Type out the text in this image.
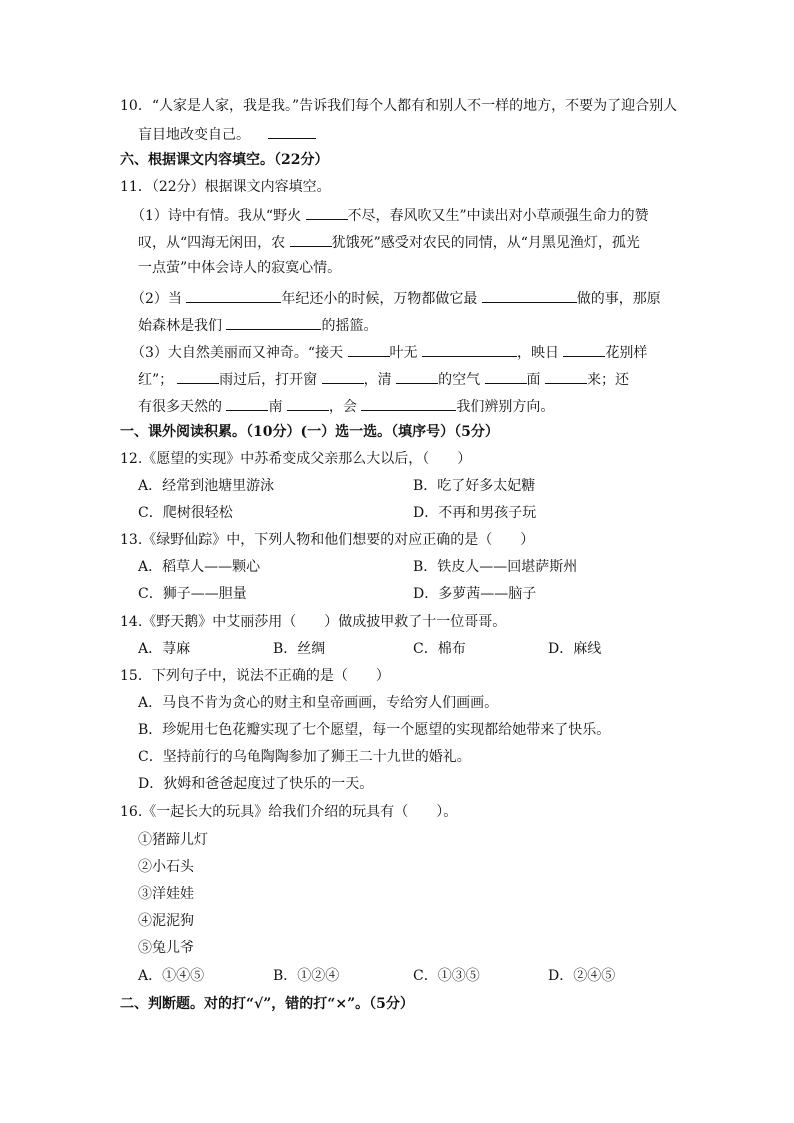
10．“人家是人家，我是我。”告诉我们每个人都有和别人不一样的地方，不要为了迎合别人
盲目地改变自己。
六、根据课文内容填空。（22分）
11．（22分）根据课文内容填空。
（1）诗中有情。我从“野火	不尽，春风吹又生”中读出对小草顽强生命力的赞
叹，从“四海无闲田，农	犹饿死”感受对农民的同情，从“月黑见渔灯，孤光
一点萤”中体会诗人的寂寞心情。
（2）当	年纪还小的时候，万物都做它最	做的事，那原
始森林是我们	的摇篮。
（3）大自然美丽而又神奇。“接天	叶无	，映日	花别样
红”；	雨过后，打开窗	，清	的空气	面	来；还
有很多天然的	南	，会	我们辨别方向。
一、课外阅读积累。（10分）(一）选一选。（填序号）（5分）
12.《愿望的实现》中苏希变成父亲那么大以后，（　　）
A．经常到池塘里游泳	B．吃了好多太妃糖
C．爬树很轻松	D．不再和男孩子玩
13.《绿野仙踪》中，下列人物和他们想要的对应正确的是（　　）
A．稻草人——颗心	B．铁皮人——回堪萨斯州
C．狮子——胆量	D．多萝茜——脑子
14.《野天鹅》中艾丽莎用（　　）做成披甲救了十一位哥哥。
A．荨麻	B．丝绸	C．棉布	D．麻线
15．下列句子中，说法不正确的是（　　）
A．马良不肯为贪心的财主和皇帝画画，专给穷人们画画。
B．珍妮用七色花瓣实现了七个愿望，每一个愿望的实现都给她带来了快乐。
C．坚持前行的乌龟陶陶参加了狮王二十九世的婚礼。
D．狄姆和爸爸起度过了快乐的一天。
16.《一起长大的玩具》给我们介绍的玩具有（　　）。
①猪蹄儿灯
②小石头
③洋娃娃
④泥泥狗
⑤兔儿爷
A．①④⑤	B．①②④	C．①③⑤	D．②④⑤
二、判断题。对的打“√”，错的打“×”。（5分）
